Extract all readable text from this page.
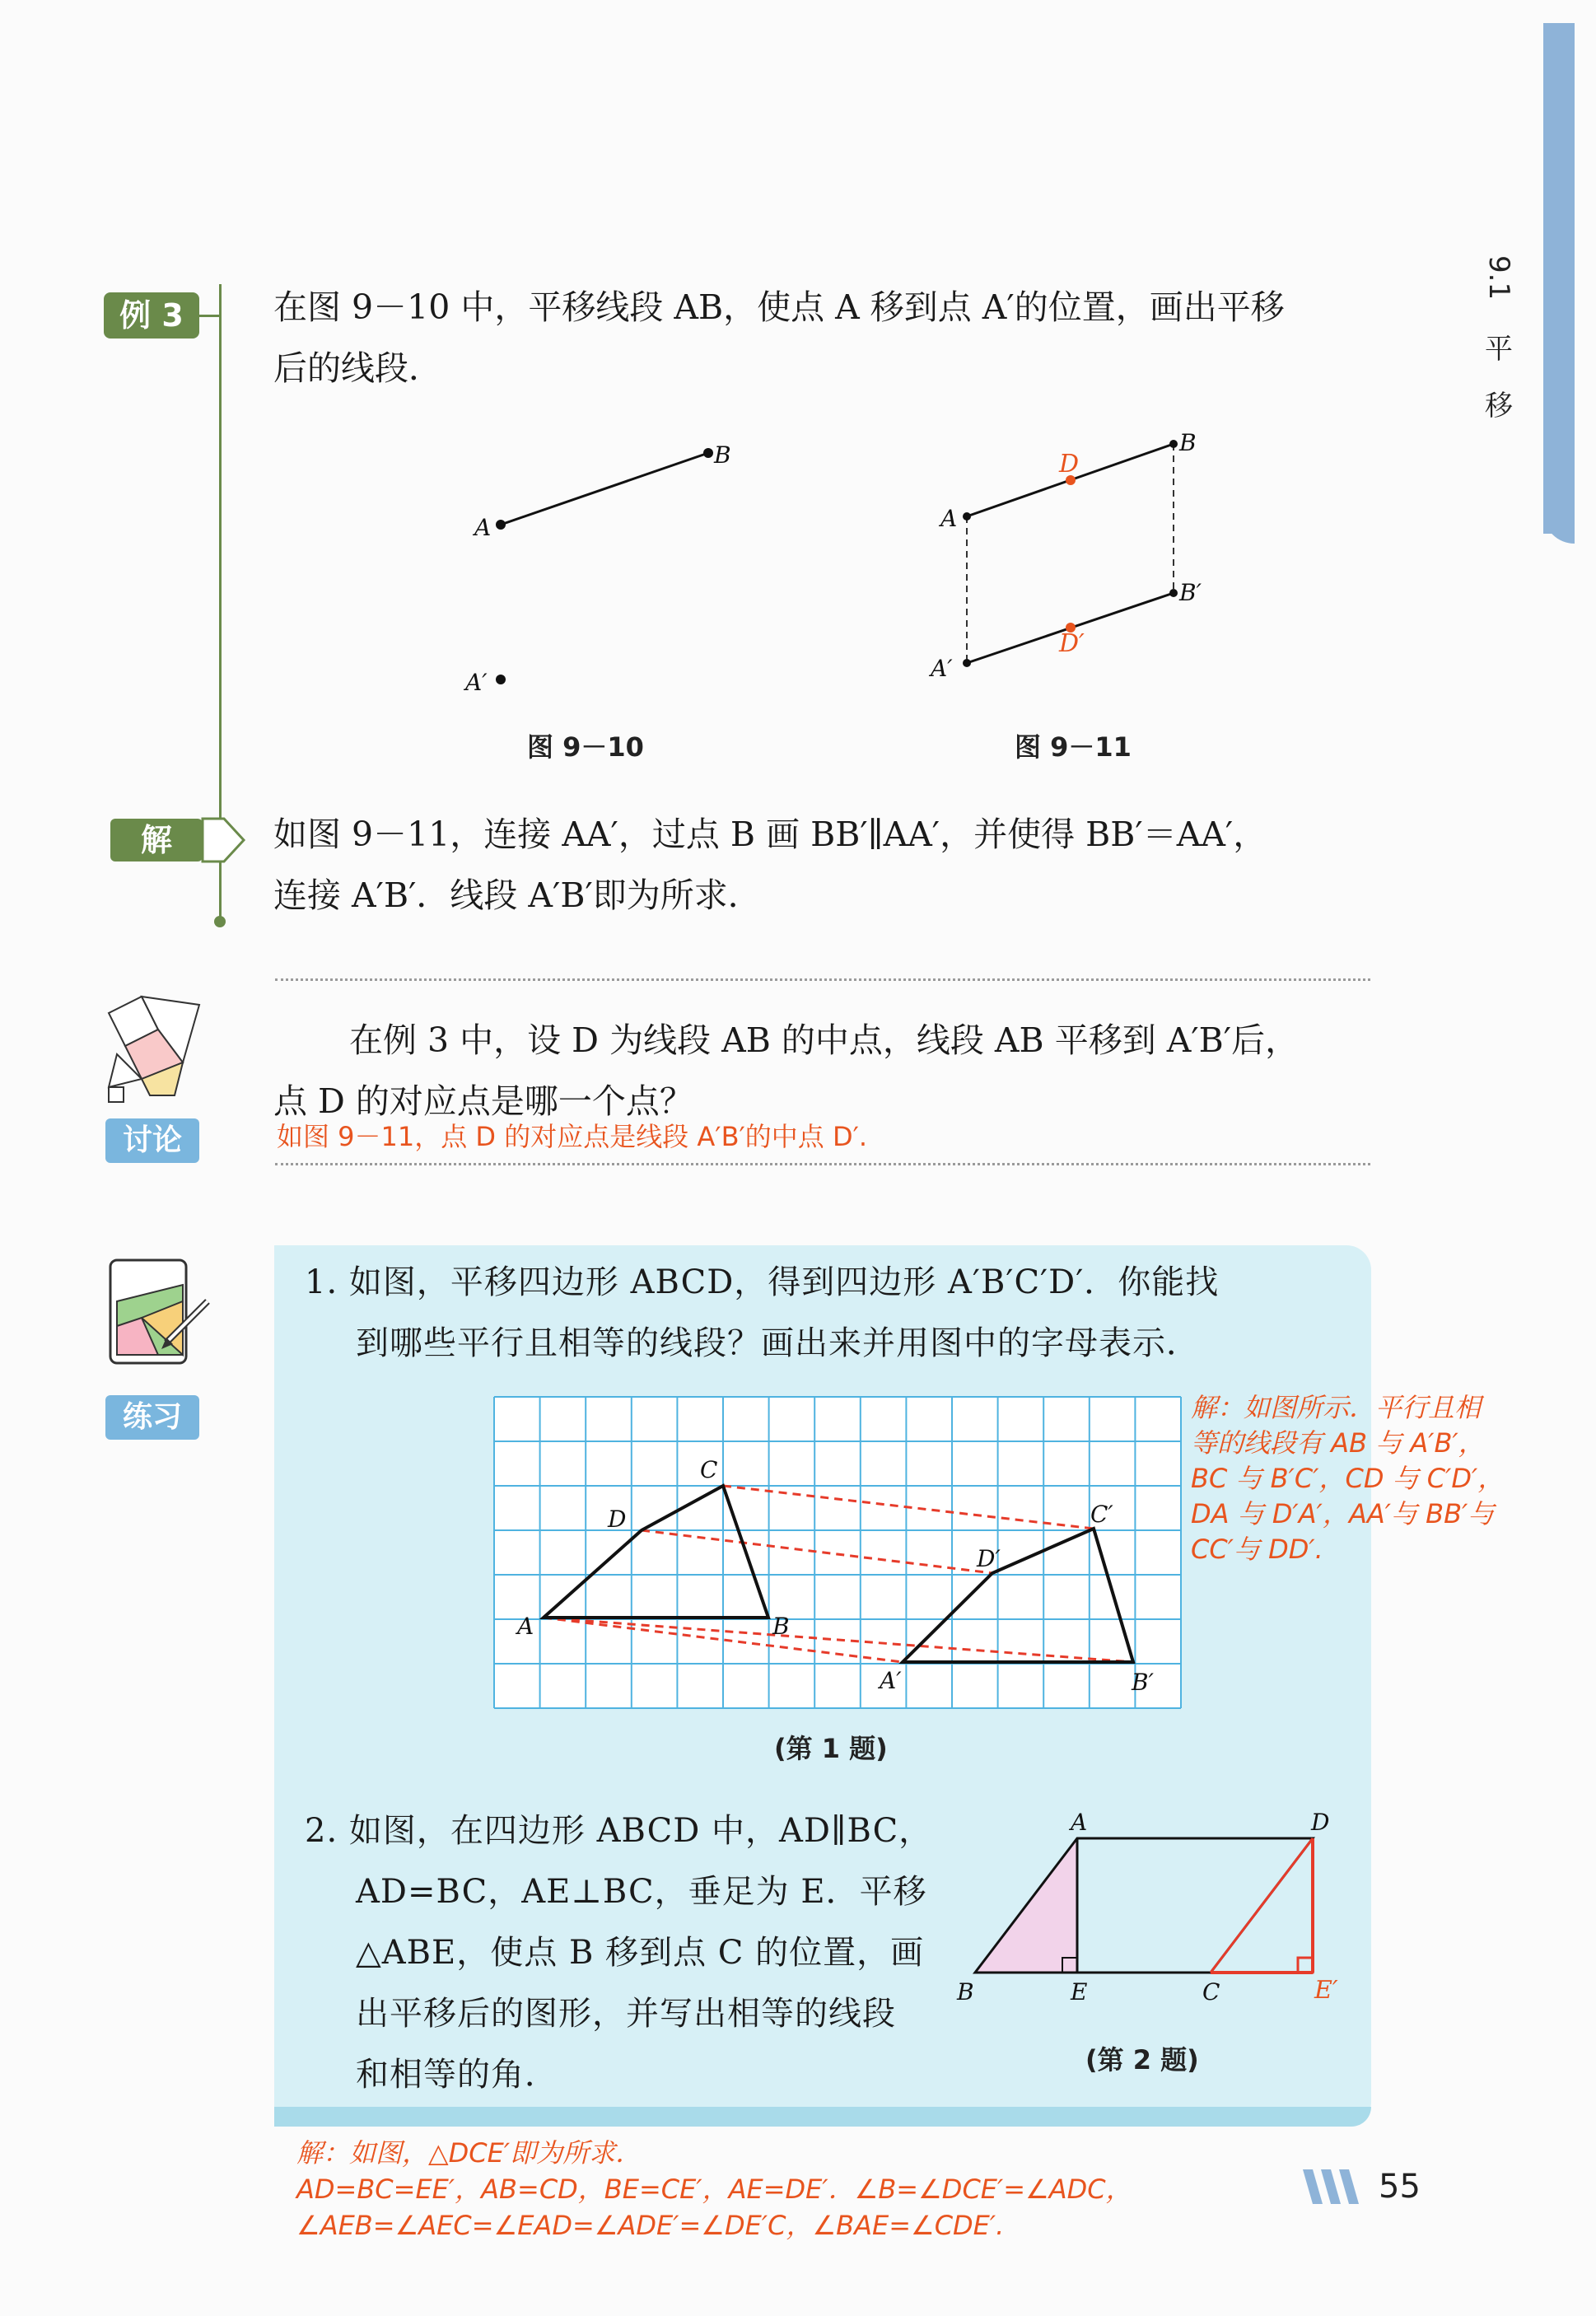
9.1
平
移
例 3	在图 9－10 中，平移线段 AB，使点 A 移到点 A′的位置，画出平移
后的线段．
A
B
A′
图 9－10
A
B
D
B′
D′
A′
图 9－11
解	如图 9－11，连接 AA′，过点 B 画 BB′∥AA′，并使得 BB′＝AA′，
连接 A′B′．线段 A′B′即为所求．
讨论
在例 3 中，设 D 为线段 AB 的中点，线段 AB 平移到 A′B′后，
点 D 的对应点是哪一个点？
如图 9－11，点 D 的对应点是线段 A′B′的中点 D′.
练习
1. 如图，平移四边形 ABCD，得到四边形 A′B′C′D′．你能找
到哪些平行且相等的线段？画出来并用图中的字母表示．
A	B
C
D
A′	B′
C′
D′
(第 1 题)
解：如图所示．平行且相
等的线段有 AB 与 A′B′，
BC 与 B′C′，CD 与 C′D′，
DA 与 D′A′，AA′与 BB′与
CC′与 DD′.
2. 如图，在四边形 ABCD 中，AD∥BC，
AD=BC，AE⊥BC，垂足为 E．平移
△ABE，使点 B 移到点 C 的位置，画
出平移后的图形，并写出相等的线段
和相等的角．
A	D
B	E	C	E′
(第 2 题)
解：如图，△DCE′即为所求．
AD=BC=EE′，AB=CD，BE=CE′，AE=DE′．∠B=∠DCE′=∠ADC，
∠AEB=∠AEC=∠EAD=∠ADE′=∠DE′C，∠BAE=∠CDE′.
55
